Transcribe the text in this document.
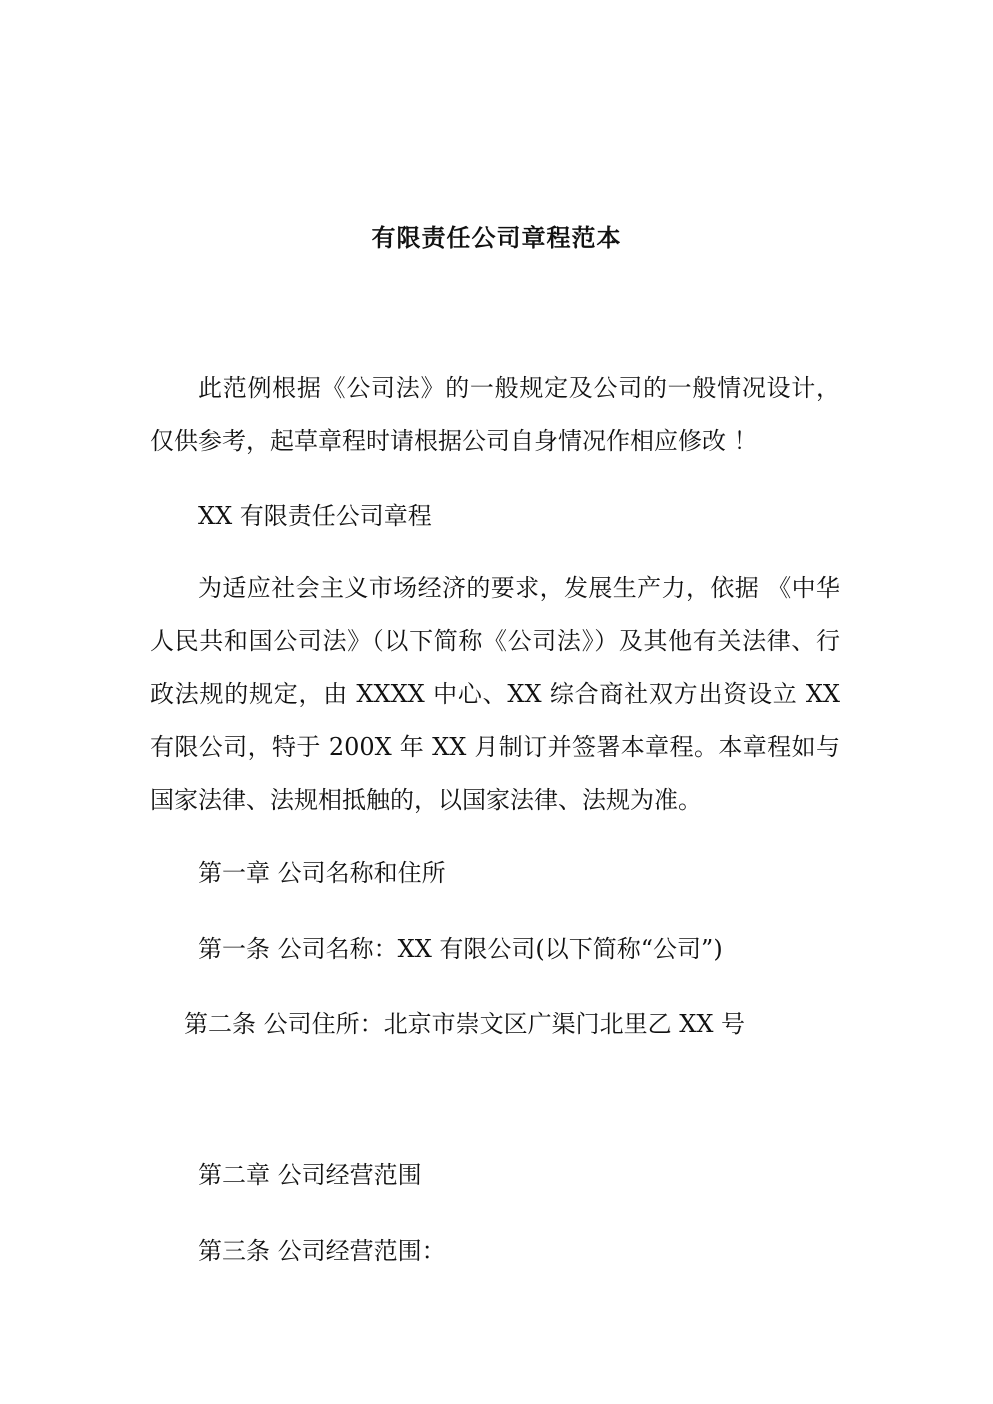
有限责任公司章程范本

此范例根据《公司法》的一般规定及公司的一般情况设计，仅供参考，起草章程时请根据公司自身情况作相应修改 ！

XX 有限责任公司章程

为适应社会主义市场经济的要求，发展生产力，依据 《中华人民共和国公司法》（以下简称《公司法》）及其他有关法律、行政法规的规定，由 XXXX 中心、XX 综合商社双方出资设立 XX 有限公司，特于 200X 年 XX 月制订并签署本章程。本章程如与国家法律、法规相抵触的，以国家法律、法规为准。

第一章 公司名称和住所

第一条 公司名称：XX 有限公司(以下简称“公司”)

第二条 公司住所：北京市崇文区广渠门北里乙 XX 号

第二章 公司经营范围

第三条 公司经营范围：
